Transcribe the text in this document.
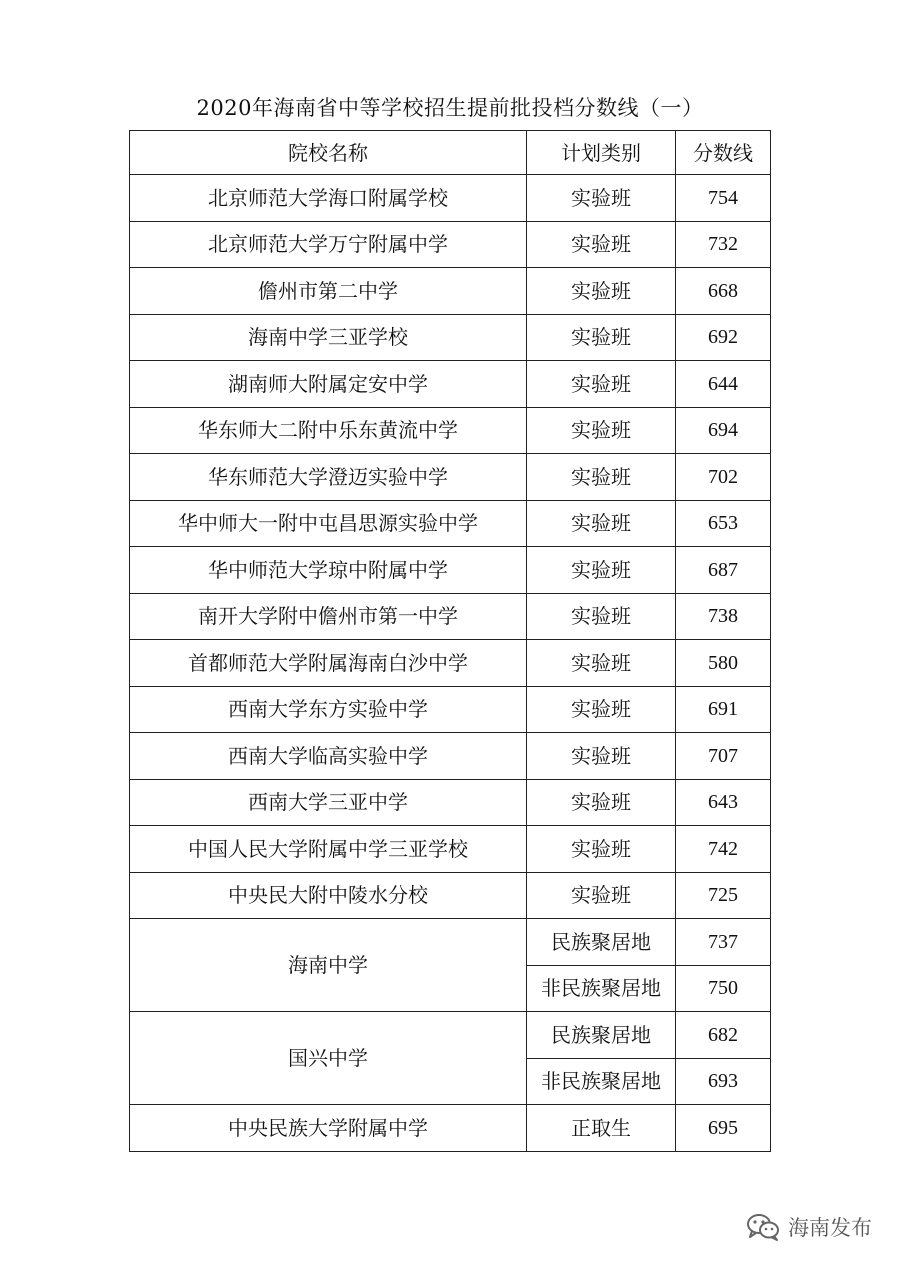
2020年海南省中等学校招生提前批投档分数线（一）
院校名称	计划类别	分数线
北京师范大学海口附属学校	实验班	754
北京师范大学万宁附属中学	实验班	732
儋州市第二中学	实验班	668
海南中学三亚学校	实验班	692
湖南师大附属定安中学	实验班	644
华东师大二附中乐东黄流中学	实验班	694
华东师范大学澄迈实验中学	实验班	702
华中师大一附中屯昌思源实验中学	实验班	653
华中师范大学琼中附属中学	实验班	687
南开大学附中儋州市第一中学	实验班	738
首都师范大学附属海南白沙中学	实验班	580
西南大学东方实验中学	实验班	691
西南大学临高实验中学	实验班	707
西南大学三亚中学	实验班	643
中国人民大学附属中学三亚学校	实验班	742
中央民大附中陵水分校	实验班	725
海南中学	民族聚居地	737
	非民族聚居地	750
国兴中学	民族聚居地	682
	非民族聚居地	693
中央民族大学附属中学	正取生	695
海南发布
